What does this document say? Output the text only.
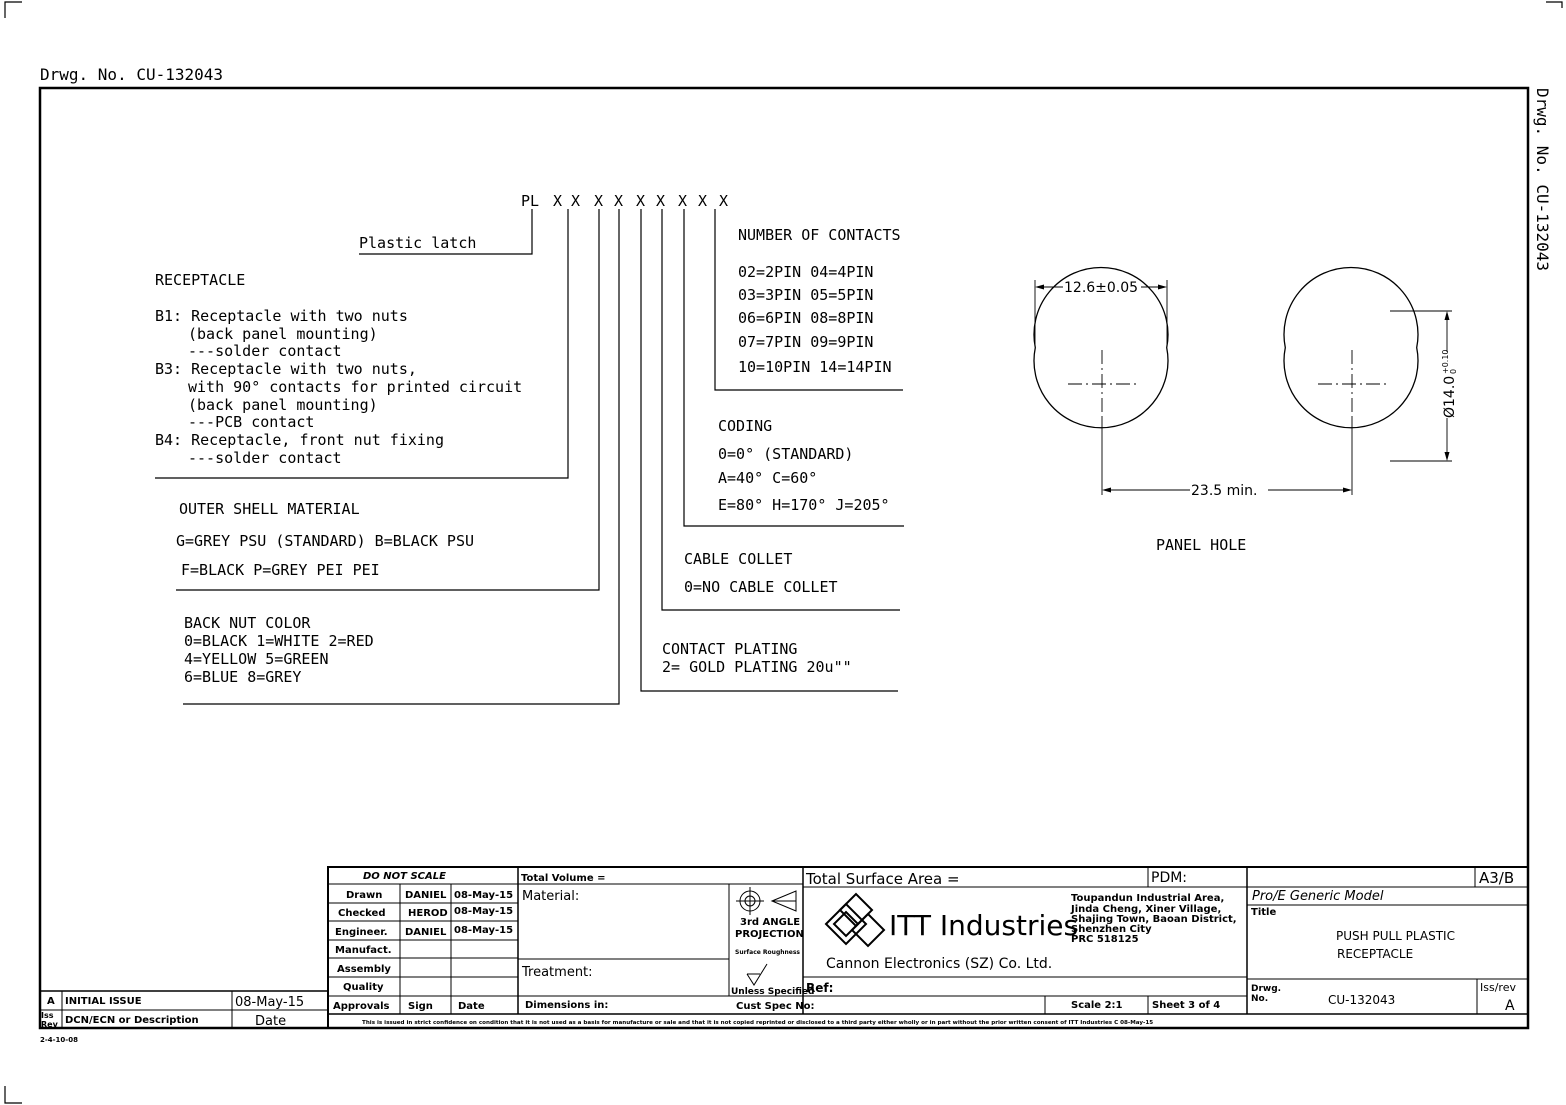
Drwg. No. CU-132043
Drwg. No. CU-132043
PL X X X X X X X X X
Plastic latch
RECEPTACLE
B1: Receptacle with two nuts
(back panel mounting)
---solder contact
B3: Receptacle with two nuts,
with 90° contacts for printed circuit
(back panel mounting)
---PCB contact
B4: Receptacle, front nut fixing
---solder contact
OUTER SHELL MATERIAL
G=GREY PSU (STANDARD) B=BLACK PSU
F=BLACK P=GREY PEI PEI
BACK NUT COLOR
0=BLACK 1=WHITE 2=RED
4=YELLOW 5=GREEN
6=BLUE 8=GREY
NUMBER OF CONTACTS
02=2PIN 04=4PIN
03=3PIN 05=5PIN
06=6PIN 08=8PIN
07=7PIN 09=9PIN
10=10PIN 14=14PIN
CODING
0=0° (STANDARD)
A=40° C=60°
E=80° H=170° J=205°
CABLE COLLET
0=NO CABLE COLLET
CONTACT PLATING
2= GOLD PLATING 20u""
12.6±0.05
23.5 min.
Ø14.0
+0.10 0
PANEL HOLE
DO NOT SCALE	Total Volume =	Total Surface Area =	PDM:	A3/B
Drawn DANIEL 08-May-15
Checked HEROD 08-May-15
Engineer. DANIEL 08-May-15
Manufact.
Assembly
Quality
Approvals Sign	Date
Material:
Treatment:
Dimensions in:
3rd ANGLE
PROJECTION
Surface Roughness
Unless Specified
ITT Industries
Cannon Electronics (SZ) Co. Ltd.
Toupandun Industrial Area,
Jinda Cheng, Xiner Village,
Shajing Town, Baoan District,
Shenzhen City
PRC 518125
Pro/E Generic Model
Title
PUSH PULL PLASTIC
RECEPTACLE
Ref:
Cust Spec No:	Scale 2:1	Sheet 3 of 4
Drwg.
No.	CU-132043
Iss/rev
A
This is issued in strict confidence on condition that it is not used as a basis for manufacture or sale and that it is not copied reprinted or disclosed to a third party either wholly or in part without the prior written consent of ITT Industries C 08-May-15
A INITIAL ISSUE	08-May-15
Iss
Rev DCN/ECN or Description	Date
2-4-10-08
